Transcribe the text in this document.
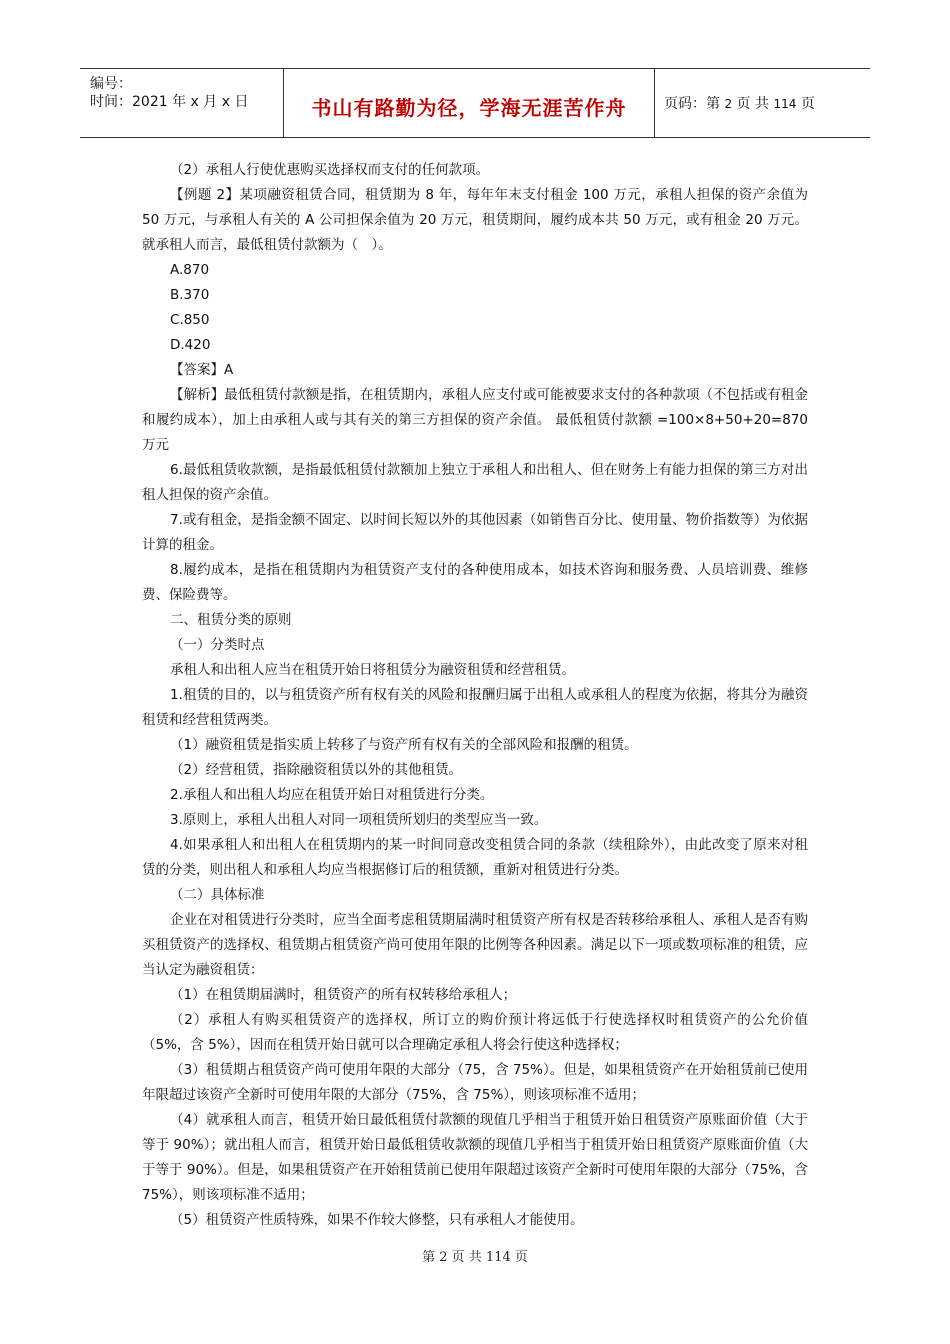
编号：
时间：2021 年 x 月 x 日	书山有路勤为径，学海无涯苦作舟	页码：第 2 页 共 114 页

（2）承租人行使优惠购买选择权而支付的任何款项。

【例题 2】某项融资租赁合同，租赁期为 8 年，每年年末支付租金 100 万元，承租人担保的资产余值为 50 万元，与承租人有关的 A 公司担保余值为 20 万元，租赁期间，履约成本共 50 万元，或有租金 20 万元。就承租人而言，最低租赁付款额为（　）。

A.870

B.370

C.850

D.420

【答案】A

【解析】最低租赁付款额是指，在租赁期内，承租人应支付或可能被要求支付的各种款项（不包括或有租金和履约成本），加上由承租人或与其有关的第三方担保的资产余值。 最低租赁付款额 =100×8+50+20=870 万元

6.最低租赁收款额，是指最低租赁付款额加上独立于承租人和出租人、但在财务上有能力担保的第三方对出租人担保的资产余值。

7.或有租金，是指金额不固定、以时间长短以外的其他因素（如销售百分比、使用量、物价指数等）为依据计算的租金。

8.履约成本，是指在租赁期内为租赁资产支付的各种使用成本，如技术咨询和服务费、人员培训费、维修费、保险费等。

二、租赁分类的原则

（一）分类时点

承租人和出租人应当在租赁开始日将租赁分为融资租赁和经营租赁。

1.租赁的目的，以与租赁资产所有权有关的风险和报酬归属于出租人或承租人的程度为依据，将其分为融资租赁和经营租赁两类。

（1）融资租赁是指实质上转移了与资产所有权有关的全部风险和报酬的租赁。

（2）经营租赁，指除融资租赁以外的其他租赁。

2.承租人和出租人均应在租赁开始日对租赁进行分类。

3.原则上，承租人出租人对同一项租赁所划归的类型应当一致。

4.如果承租人和出租人在租赁期内的某一时间同意改变租赁合同的条款（续租除外），由此改变了原来对租赁的分类，则出租人和承租人均应当根据修订后的租赁额，重新对租赁进行分类。

（二）具体标准

企业在对租赁进行分类时，应当全面考虑租赁期届满时租赁资产所有权是否转移给承租人、承租人是否有购买租赁资产的选择权、租赁期占租赁资产尚可使用年限的比例等各种因素。满足以下一项或数项标准的租赁，应当认定为融资租赁：

（1）在租赁期届满时，租赁资产的所有权转移给承租人；

（2）承租人有购买租赁资产的选择权，所订立的购价预计将远低于行使选择权时租赁资产的公允价值（5%，含 5%），因而在租赁开始日就可以合理确定承租人将会行使这种选择权；

（3）租赁期占租赁资产尚可使用年限的大部分（75，含 75%）。但是，如果租赁资产在开始租赁前已使用年限超过该资产全新时可使用年限的大部分（75%，含 75%），则该项标准不适用；

（4）就承租人而言，租赁开始日最低租赁付款额的现值几乎相当于租赁开始日租赁资产原账面价值（大于等于 90%）；就出租人而言，租赁开始日最低租赁收款额的现值几乎相当于租赁开始日租赁资产原账面价值（大于等于 90%）。但是，如果租赁资产在开始租赁前已使用年限超过该资产全新时可使用年限的大部分（75%，含 75%），则该项标准不适用；

（5）租赁资产性质特殊，如果不作较大修整，只有承租人才能使用。

第 2 页 共 114 页
